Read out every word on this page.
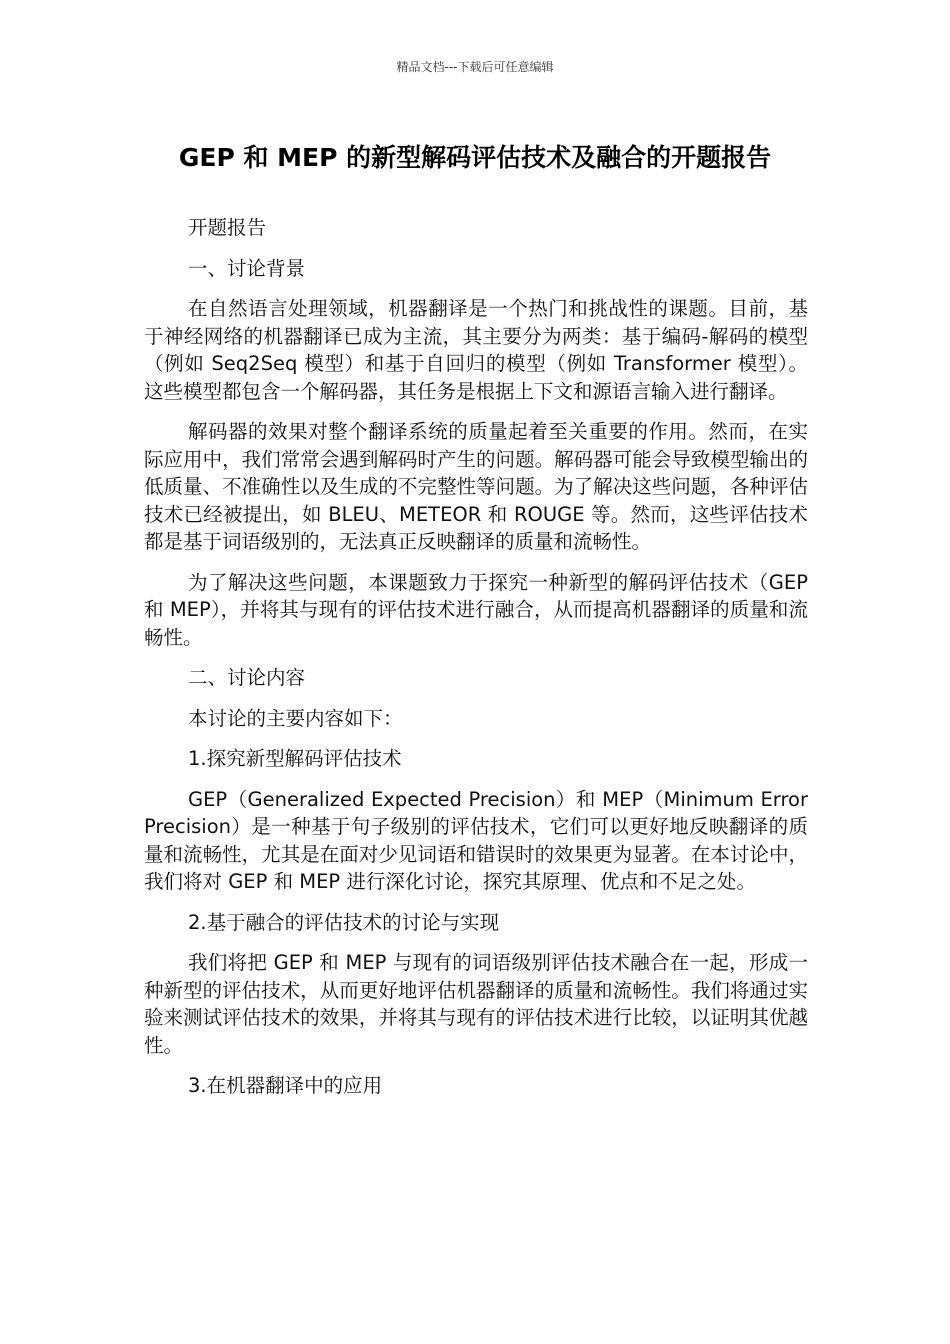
精品文档---下载后可任意编辑
GEP 和 MEP 的新型解码评估技术及融合的开题报告
开题报告
一、讨论背景
在自然语言处理领域，机器翻译是一个热门和挑战性的课题。目前，基于神经网络的机器翻译已成为主流，其主要分为两类：基于编码-解码的模型（例如 Seq2Seq 模型）和基于自回归的模型（例如 Transformer 模型）。这些模型都包含一个解码器，其任务是根据上下文和源语言输入进行翻译。
解码器的效果对整个翻译系统的质量起着至关重要的作用。然而，在实际应用中，我们常常会遇到解码时产生的问题。解码器可能会导致模型输出的低质量、不准确性以及生成的不完整性等问题。为了解决这些问题，各种评估技术已经被提出，如 BLEU、METEOR 和 ROUGE 等。然而，这些评估技术都是基于词语级别的，无法真正反映翻译的质量和流畅性。
为了解决这些问题，本课题致力于探究一种新型的解码评估技术（GEP 和 MEP），并将其与现有的评估技术进行融合，从而提高机器翻译的质量和流畅性。
二、讨论内容
本讨论的主要内容如下：
1.探究新型解码评估技术
GEP（Generalized Expected Precision）和 MEP（Minimum Error Precision）是一种基于句子级别的评估技术，它们可以更好地反映翻译的质量和流畅性，尤其是在面对少见词语和错误时的效果更为显著。在本讨论中，我们将对 GEP 和 MEP 进行深化讨论，探究其原理、优点和不足之处。
2.基于融合的评估技术的讨论与实现
我们将把 GEP 和 MEP 与现有的词语级别评估技术融合在一起，形成一种新型的评估技术，从而更好地评估机器翻译的质量和流畅性。我们将通过实验来测试评估技术的效果，并将其与现有的评估技术进行比较，以证明其优越性。
3.在机器翻译中的应用
